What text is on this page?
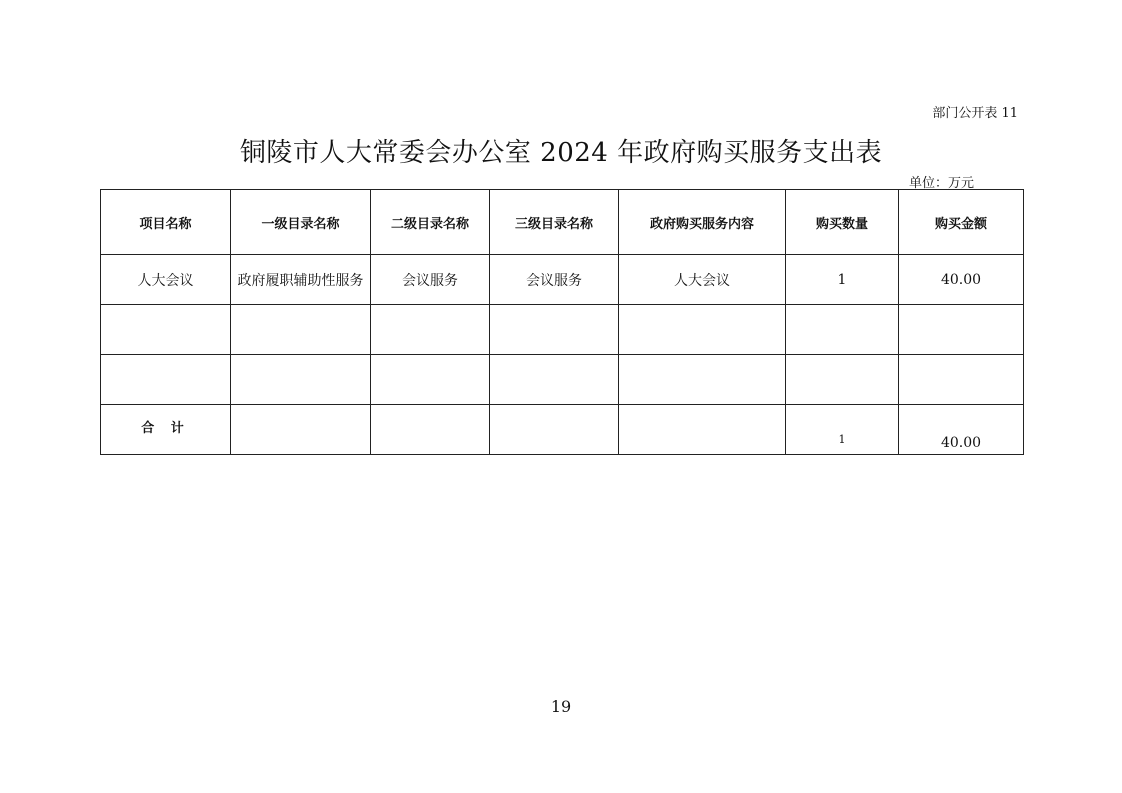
部门公开表 11
铜陵市人大常委会办公室 2024 年政府购买服务支出表
单位：万元
项目名称	一级目录名称	二级目录名称	三级目录名称	政府购买服务内容	购买数量	购买金额
人大会议	政府履职辅助性服务	会议服务	会议服务	人大会议	1	40.00

合 计					1	40.00
19
